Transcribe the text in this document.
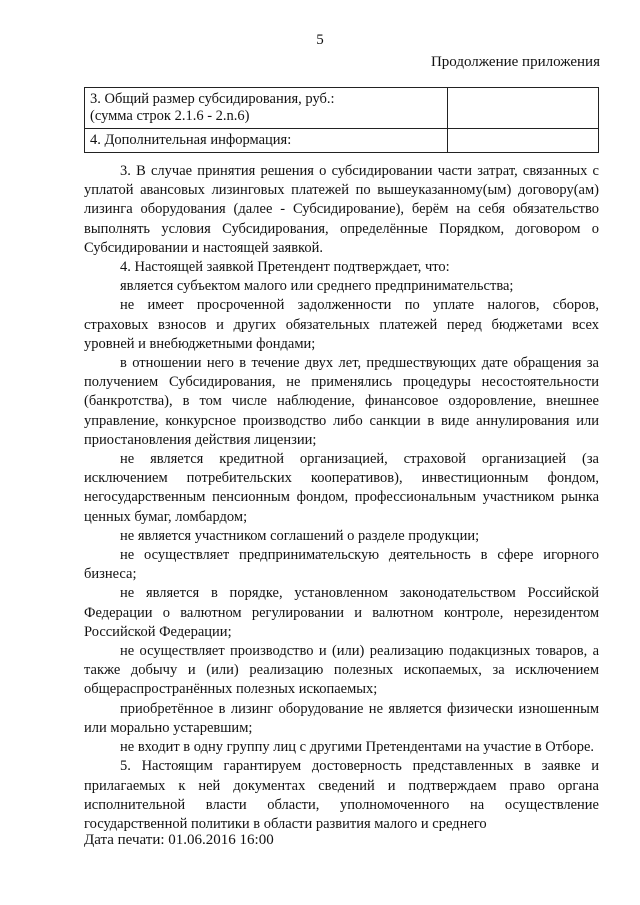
5
Продолжение приложения
3. Общий размер субсидирования, руб.:
(сумма строк 2.1.6 - 2.n.6)	

4. Дополнительная информация:	

3. В случае принятия решения о субсидировании части затрат, связанных с уплатой авансовых лизинговых платежей по вышеуказанному(ым) договору(ам) лизинга оборудования (далее - Субсидирование), берём на себя обязательство выполнять условия Субсидирования, определённые Порядком, договором о Субсидировании и настоящей заявкой.

4. Настоящей заявкой Претендент подтверждает, что:

является субъектом малого или среднего предпринимательства;

не имеет просроченной задолженности по уплате налогов, сборов, страховых взносов и других обязательных платежей перед бюджетами всех уровней и внебюджетными фондами;

в отношении него в течение двух лет, предшествующих дате обращения за получением Субсидирования, не применялись процедуры несостоятельности (банкротства), в том числе наблюдение, финансовое оздоровление, внешнее управление, конкурсное производство либо санкции в виде аннулирования или приостановления действия лицензии;

не является кредитной организацией, страховой организацией (за исключением потребительских кооперативов), инвестиционным фондом, негосударственным пенсионным фондом, профессиональным участником рынка ценных бумаг, ломбардом;

не является участником соглашений о разделе продукции;

не осуществляет предпринимательскую деятельность в сфере игорного бизнеса;

не является в порядке, установленном законодательством Российской Федерации о валютном регулировании и валютном контроле, нерезидентом Российской Федерации;

не осуществляет производство и (или) реализацию подакцизных товаров, а также добычу и (или) реализацию полезных ископаемых, за исключением общераспространённых полезных ископаемых;

приобретённое в лизинг оборудование не является физически изношенным или морально устаревшим;

не входит в одну группу лиц с другими Претендентами на участие в Отборе.

5. Настоящим гарантируем достоверность представленных в заявке и прилагаемых к ней документах сведений и подтверждаем право органа исполнительной власти области, уполномоченного на осуществление государственной политики в области развития малого и среднего

Дата печати: 01.06.2016 16:00
